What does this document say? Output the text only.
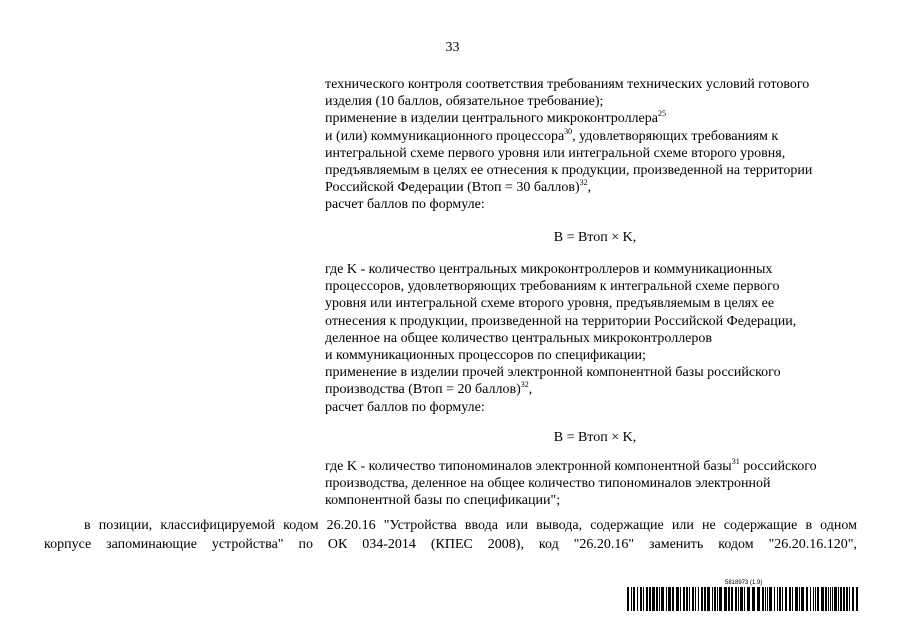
33
технического контроля соответствия требованиям технических условий готового
изделия (10 баллов, обязательное требование);
применение в изделии центрального микроконтроллера$^{25}$
и (или) коммуникационного процессора$^{30}$, удовлетворяющих требованиям к
интегральной схеме первого уровня или интегральной схеме второго уровня,
предъявляемым в целях ее отнесения к продукции, произведенной на территории
Российской Федерации (Втоп = 30 баллов)$^{32}$,
расчет баллов по формуле:
В = Втоп × K,
где K - количество центральных микроконтроллеров и коммуникационных
процессоров, удовлетворяющих требованиям к интегральной схеме первого
уровня или интегральной схеме второго уровня, предъявляемым в целях ее
отнесения к продукции, произведенной на территории Российской Федерации,
деленное на общее количество центральных микроконтроллеров
и коммуникационных процессоров по спецификации;
применение в изделии прочей электронной компонентной базы российского
производства (Втоп = 20 баллов)$^{32}$,
расчет баллов по формуле:
В = Втоп × K,
где K - количество типономиналов электронной компонентной базы$^{31}$ российского
производства, деленное на общее количество типономиналов электронной
компонентной базы по спецификации";
в позиции, классифицируемой кодом 26.20.16 "Устройства ввода или вывода, содержащие или не содержащие в одном
корпусе запоминающие устройства" по ОК 034-2014 (КПЕС 2008), код "26.20.16" заменить кодом "26.20.16.120",
5818973 (1.9)
